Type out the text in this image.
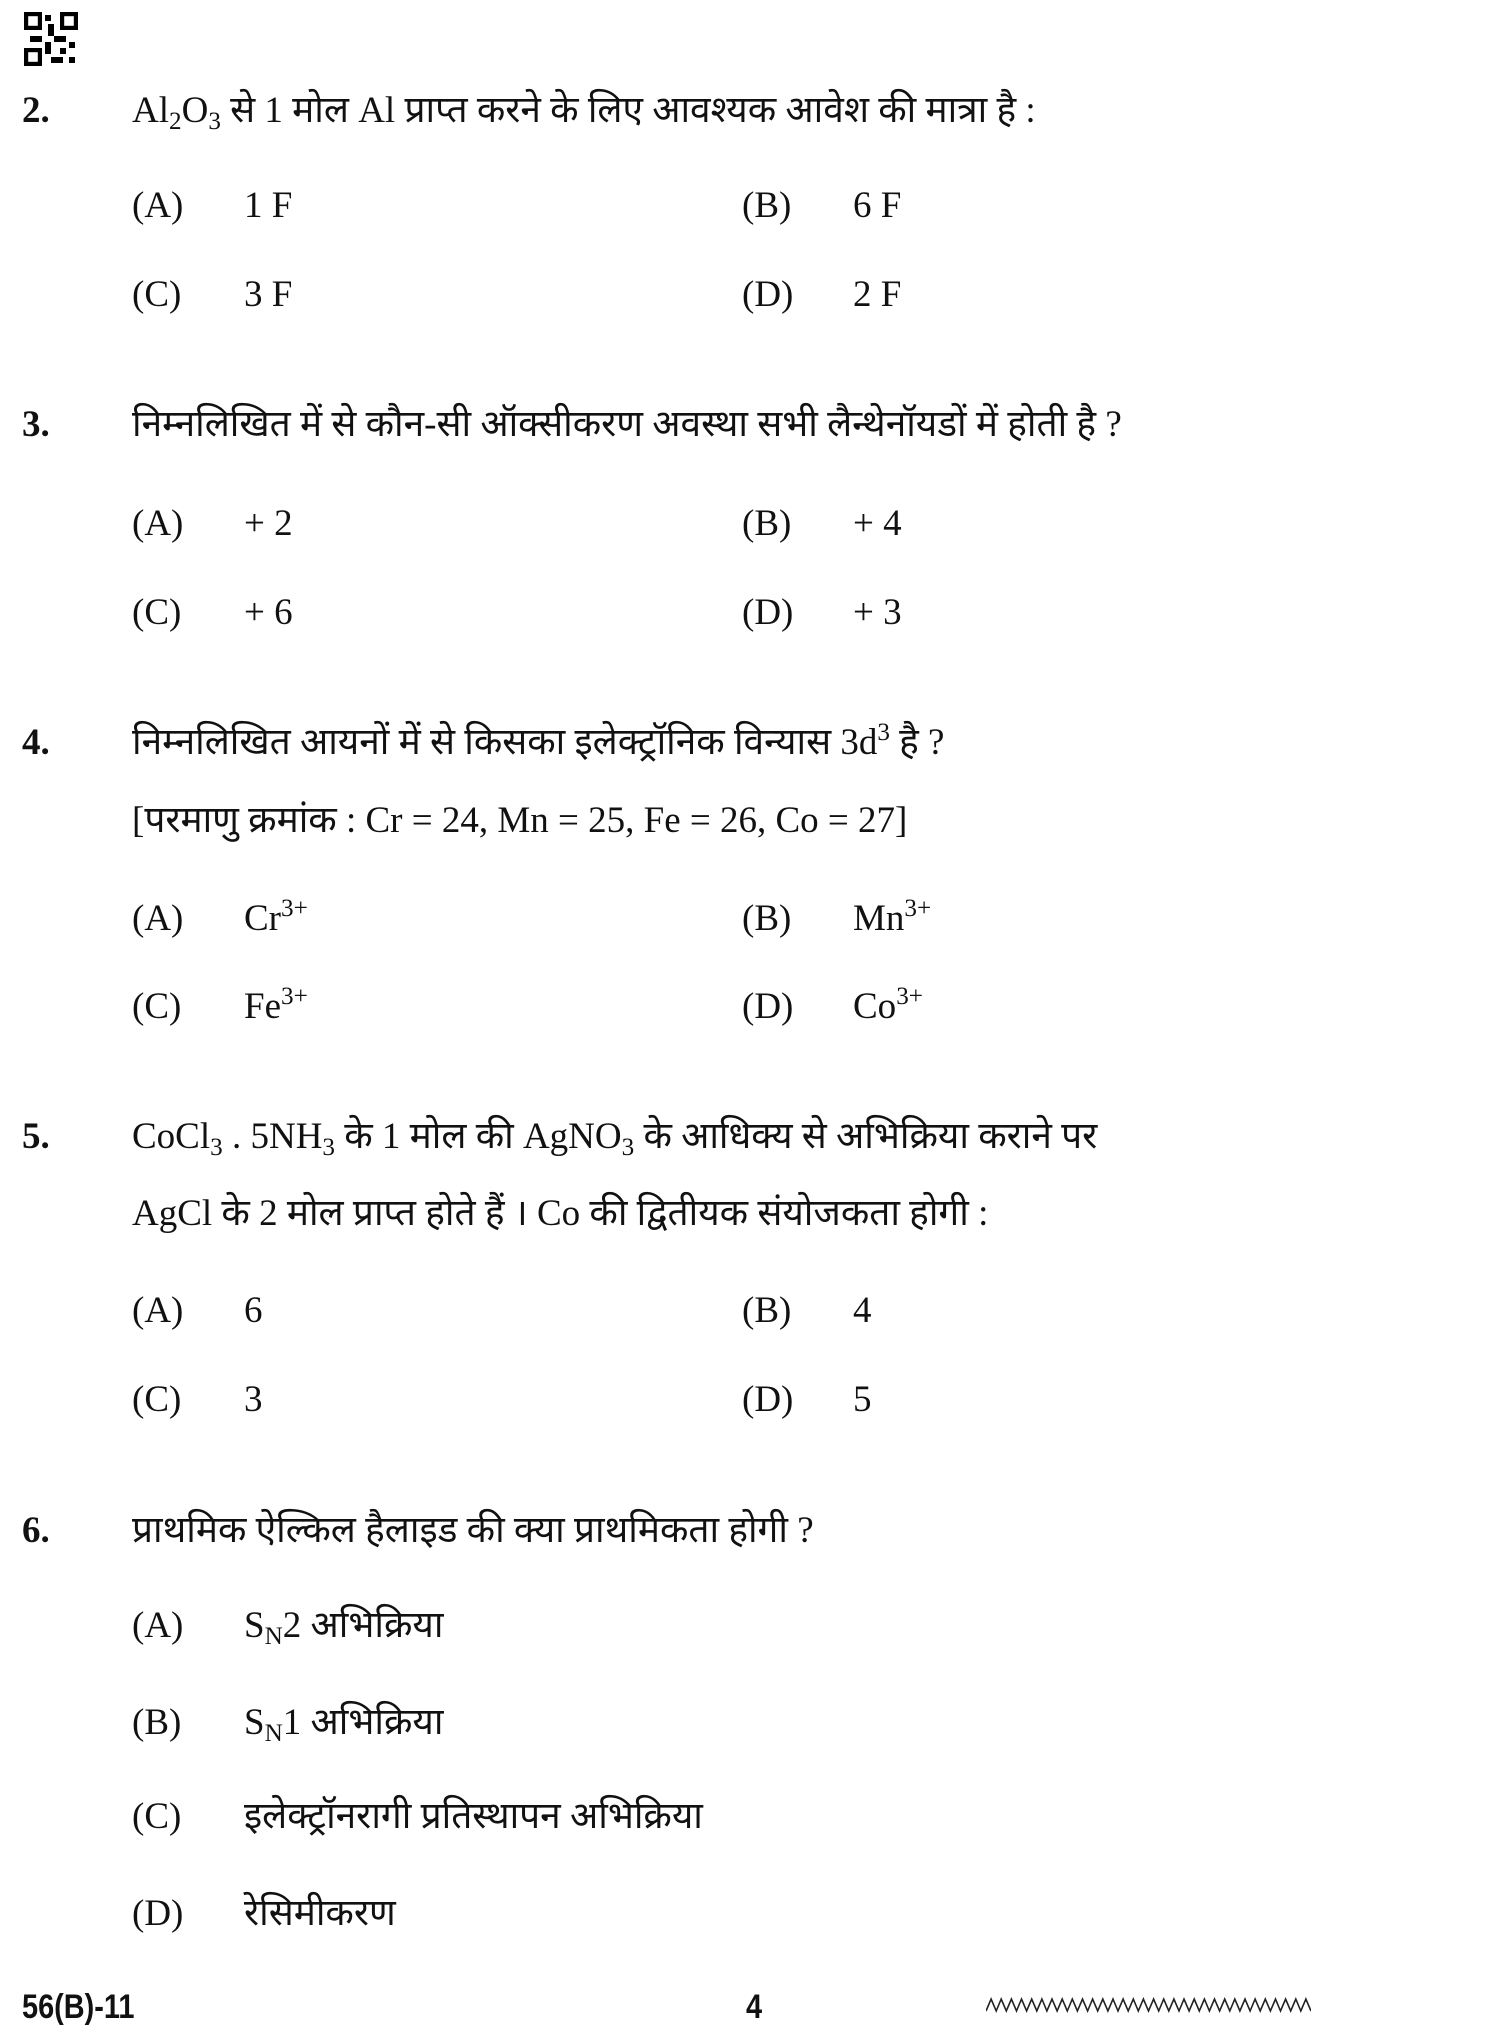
2. $Al_2O_3$ से 1 मोल Al प्राप्त करने के लिए आवश्यक आवेश की मात्रा है :
(A) 1 F	(B) 6 F
(C) 3 F	(D) 2 F
3. निम्नलिखित में से कौन-सी ऑक्सीकरण अवस्था सभी लैन्थेनॉयडों में होती है ?
(A) + 2	(B) + 4
(C) + 6	(D) + 3
4. निम्नलिखित आयनों में से किसका इलेक्ट्रॉनिक विन्यास $3d^3$ है ?
[परमाणु क्रमांक : Cr = 24, Mn = 25, Fe = 26, Co = 27]
(A) $Cr^{3+}$	(B) $Mn^{3+}$
(C) $Fe^{3+}$	(D) $Co^{3+}$
5. CoCl$_3$ . $5NH_3$ के 1 मोल की AgNO$_3$ के आधिक्य से अभिक्रिया कराने पर
AgCl के 2 मोल प्राप्त होते हैं । Co की द्वितीयक संयोजकता होगी :
(A) 6	(B) 4
(C) 3	(D) 5
6. प्राथमिक ऐल्किल हैलाइड की क्या प्राथमिकता होगी ?
(A) $S_N2$ अभिक्रिया
(B) $S_N1$ अभिक्रिया
(C) इलेक्ट्रॉनरागी प्रतिस्थापन अभिक्रिया
(D) रेसिमीकरण
56(B)-11	4
